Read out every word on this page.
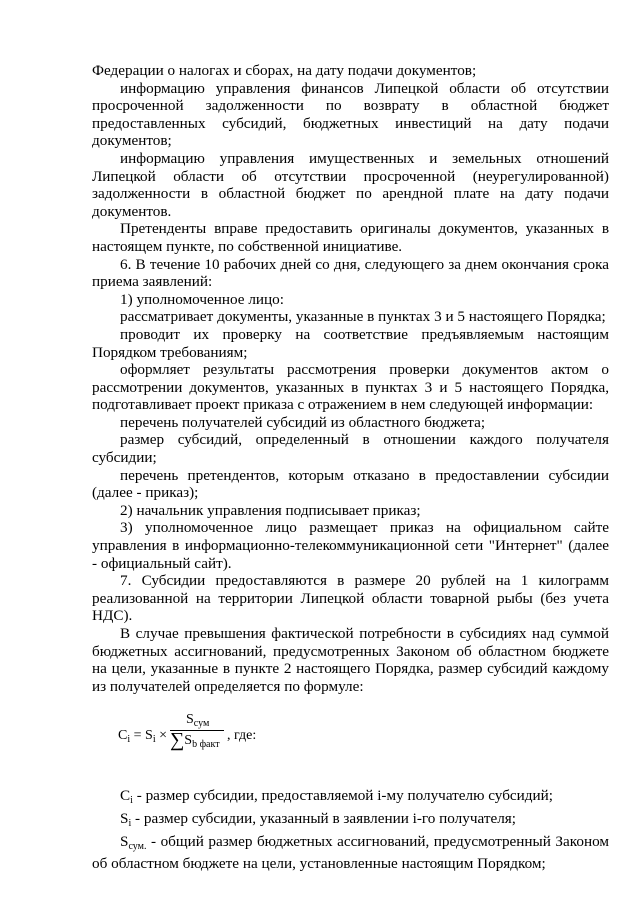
Федерации о налогах и сборах, на дату подачи документов;

информацию управления финансов Липецкой области об отсутствии просроченной задолженности по возврату в областной бюджет предоставленных субсидий, бюджетных инвестиций на дату подачи документов;

информацию управления имущественных и земельных отношений Липецкой области об отсутствии просроченной (неурегулированной) задолженности в областной бюджет по арендной плате на дату подачи документов.

Претенденты вправе предоставить оригиналы документов, указанных в настоящем пункте, по собственной инициативе.

6. В течение 10 рабочих дней со дня, следующего за днем окончания срока приема заявлений:

1) уполномоченное лицо:

рассматривает документы, указанные в пунктах 3 и 5 настоящего Порядка;

проводит их проверку на соответствие предъявляемым настоящим Порядком требованиям;

оформляет результаты рассмотрения проверки документов актом о рассмотрении документов, указанных в пунктах 3 и 5 настоящего Порядка, подготавливает проект приказа с отражением в нем следующей информации:

перечень получателей субсидий из областного бюджета;

размер субсидий, определенный в отношении каждого получателя субсидии;

перечень претендентов, которым отказано в предоставлении субсидии (далее - приказ);

2) начальник управления подписывает приказ;

3) уполномоченное лицо размещает приказ на официальном сайте управления в информационно-телекоммуникационной сети "Интернет" (далее - официальный сайт).

7. Субсидии предоставляются в размере 20 рублей на 1 килограмм реализованной на территории Липецкой области товарной рыбы (без учета НДС).

В случае превышения фактической потребности в субсидиях над суммой бюджетных ассигнований, предусмотренных Законом об областном бюджете на цели, указанные в пункте 2 настоящего Порядка, размер субсидий каждому из получателей определяется по формуле:

$C_i = S_i$ ×
$S_{сум}$
$\sum S_{b факт}$
, где:

$C_i$ - размер субсидии, предоставляемой i-му получателю субсидий;

$S_i$ - размер субсидии, указанный в заявлении i-го получателя;

$S_{сум.}$ - общий размер бюджетных ассигнований, предусмотренный Законом об областном бюджете на цели, установленные настоящим Порядком;
